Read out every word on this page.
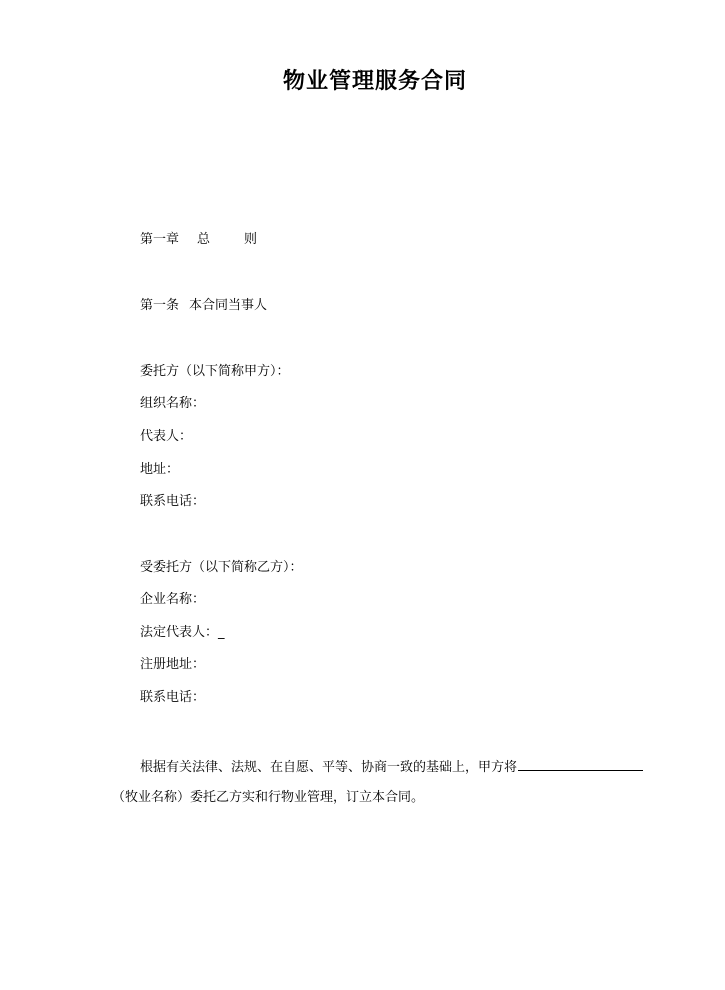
物业管理服务合同
第一章 总	则
第一条 本合同当事人
委托方（以下简称甲方）：
组织名称：
代表人：
地址：
联系电话：
受委托方（以下简称乙方）：
企业名称：
法定代表人：_
注册地址：
联系电话：
根据有关法律、法规、在自愿、平等、协商一致的基础上，甲方将
（牧业名称）委托乙方实和行物业管理，订立本合同。
